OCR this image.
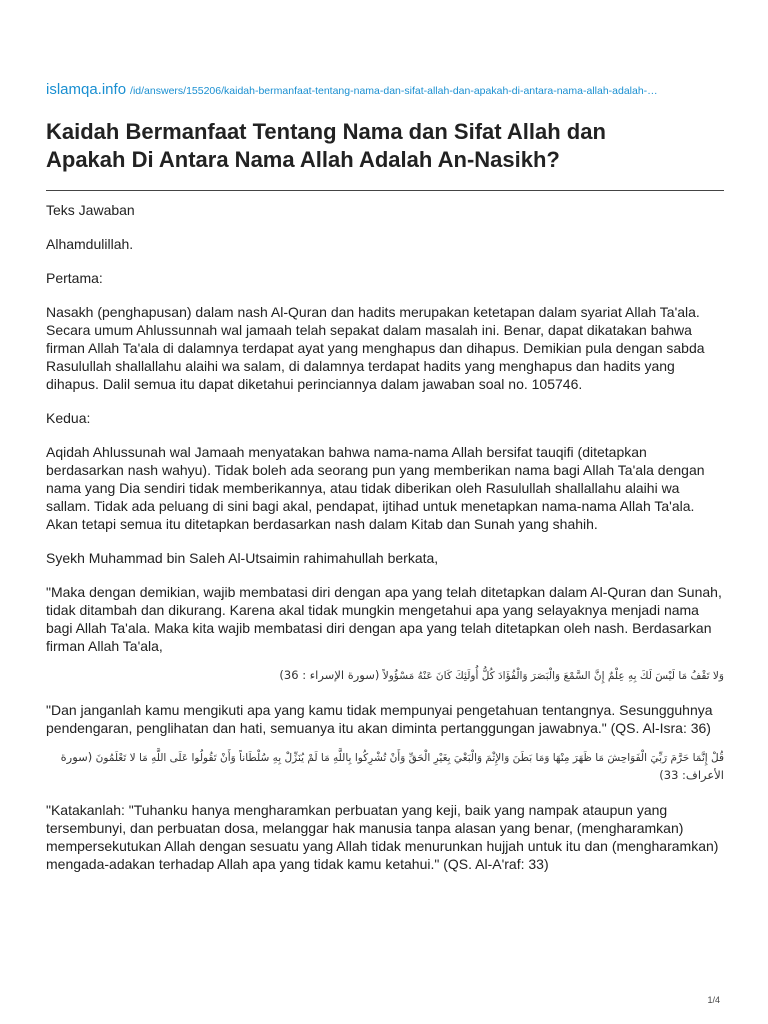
islamqa.info /id/answers/155206/kaidah-bermanfaat-tentang-nama-dan-sifat-allah-dan-apakah-di-antara-nama-allah-adalah-…
Kaidah Bermanfaat Tentang Nama dan Sifat Allah dan
Apakah Di Antara Nama Allah Adalah An-Nasikh?

Teks Jawaban

Alhamdulillah.

Pertama:

Nasakh (penghapusan) dalam nash Al-Quran dan hadits merupakan ketetapan dalam syariat Allah Ta'ala. Secara umum Ahlussunnah wal jamaah telah sepakat dalam masalah ini. Benar, dapat dikatakan bahwa firman Allah Ta'ala di dalamnya terdapat ayat yang menghapus dan dihapus. Demikian pula dengan sabda Rasulullah shallallahu alaihi wa salam, di dalamnya terdapat hadits yang menghapus dan hadits yang dihapus. Dalil semua itu dapat diketahui perinciannya dalam jawaban soal no. 105746.

Kedua:

Aqidah Ahlussunah wal Jamaah menyatakan bahwa nama-nama Allah bersifat tauqifi (ditetapkan berdasarkan nash wahyu). Tidak boleh ada seorang pun yang memberikan nama bagi Allah Ta'ala dengan nama yang Dia sendiri tidak memberikannya, atau tidak diberikan oleh Rasulullah shallallahu alaihi wa sallam. Tidak ada peluang di sini bagi akal, pendapat, ijtihad untuk menetapkan nama-nama Allah Ta'ala. Akan tetapi semua itu ditetapkan berdasarkan nash dalam Kitab dan Sunah yang shahih.

Syekh Muhammad bin Saleh Al-Utsaimin rahimahullah berkata,

"Maka dengan demikian, wajib membatasi diri dengan apa yang telah ditetapkan dalam Al-Quran dan Sunah, tidak ditambah dan dikurang. Karena akal tidak mungkin mengetahui apa yang selayaknya menjadi nama bagi Allah Ta'ala. Maka kita wajib membatasi diri dengan apa yang telah ditetapkan oleh nash. Berdasarkan firman Allah Ta'ala,

وَلا تَقْفُ مَا لَيْسَ لَكَ بِهِ عِلْمٌ إِنَّ السَّمْعَ وَالْبَصَرَ وَالْفُؤَادَ كُلُّ أُولَئِكَ كَانَ عَنْهُ مَسْؤُولاً (سورة الإسراء : 36)

"Dan janganlah kamu mengikuti apa yang kamu tidak mempunyai pengetahuan tentangnya. Sesungguhnya pendengaran, penglihatan dan hati, semuanya itu akan diminta pertanggungan jawabnya." (QS. Al-Isra: 36)

قُلْ إِنَّمَا حَرَّمَ رَبِّيَ الْفَوَاحِشَ مَا ظَهَرَ مِنْهَا وَمَا بَطَنَ وَالإِثْمَ وَالْبَغْيَ بِغَيْرِ الْحَقِّ وَأَنْ تُشْرِكُوا بِاللَّهِ مَا لَمْ يُنَزِّلْ بِهِ سُلْطَاناً وَأَنْ تَقُولُوا عَلَى اللَّهِ مَا لا تَعْلَمُونَ (سورة الأعراف: 33)

"Katakanlah: "Tuhanku hanya mengharamkan perbuatan yang keji, baik yang nampak ataupun yang tersembunyi, dan perbuatan dosa, melanggar hak manusia tanpa alasan yang benar, (mengharamkan) mempersekutukan Allah dengan sesuatu yang Allah tidak menurunkan hujjah untuk itu dan (mengharamkan) mengada-adakan terhadap Allah apa yang tidak kamu ketahui." (QS. Al-A'raf: 33)

1/4
